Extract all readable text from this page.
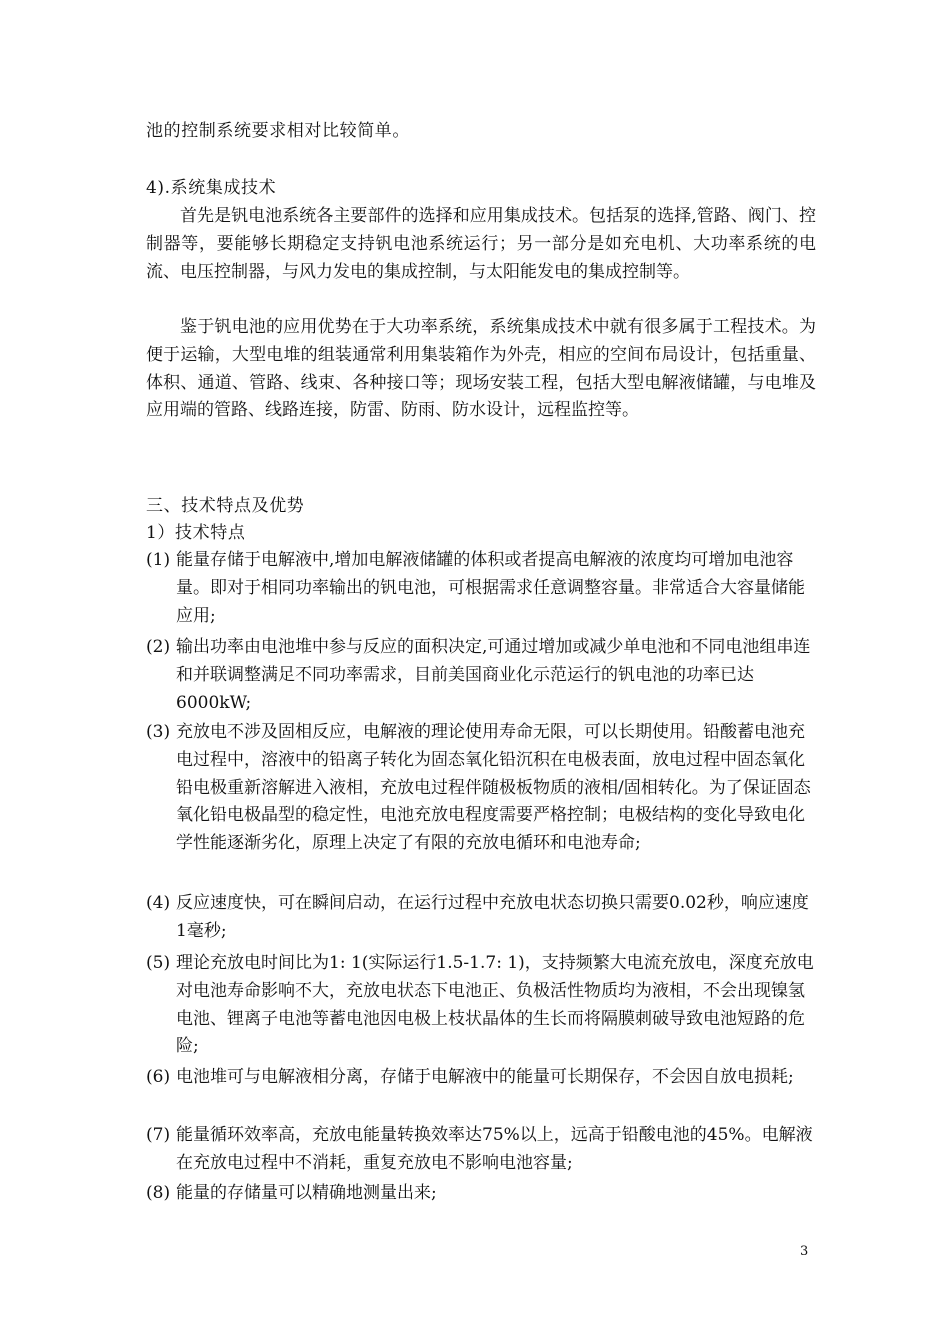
池的控制系统要求相对比较简单。
4).系统集成技术
首先是钒电池系统各主要部件的选择和应用集成技术。包括泵的选择,管路、阀门、控制器等，要能够长期稳定支持钒电池系统运行；另一部分是如充电机、大功率系统的电流、电压控制器，与风力发电的集成控制，与太阳能发电的集成控制等。
鉴于钒电池的应用优势在于大功率系统，系统集成技术中就有很多属于工程技术。为便于运输，大型电堆的组装通常利用集装箱作为外壳，相应的空间布局设计，包括重量、体积、通道、管路、线束、各种接口等；现场安装工程，包括大型电解液储罐，与电堆及应用端的管路、线路连接，防雷、防雨、防水设计，远程监控等。
三、技术特点及优势
1）技术特点
(1) 能量存储于电解液中,增加电解液储罐的体积或者提高电解液的浓度均可增加电池容量。即对于相同功率输出的钒电池，可根据需求任意调整容量。非常适合大容量储能应用;
(2) 输出功率由电池堆中参与反应的面积决定,可通过增加或减少单电池和不同电池组串连和并联调整满足不同功率需求，目前美国商业化示范运行的钒电池的功率已达6000kW;
(3) 充放电不涉及固相反应，电解液的理论使用寿命无限，可以长期使用。铅酸蓄电池充电过程中，溶液中的铅离子转化为固态氧化铅沉积在电极表面，放电过程中固态氧化铅电极重新溶解进入液相，充放电过程伴随极板物质的液相/固相转化。为了保证固态氧化铅电极晶型的稳定性，电池充放电程度需要严格控制；电极结构的变化导致电化学性能逐渐劣化，原理上决定了有限的充放电循环和电池寿命;
(4) 反应速度快，可在瞬间启动，在运行过程中充放电状态切换只需要0.02秒，响应速度1毫秒;
(5) 理论充放电时间比为1: 1(实际运行1.5-1.7: 1)，支持频繁大电流充放电，深度充放电对电池寿命影响不大，充放电状态下电池正、负极活性物质均为液相，不会出现镍氢电池、锂离子电池等蓄电池因电极上枝状晶体的生长而将隔膜刺破导致电池短路的危险;
(6) 电池堆可与电解液相分离，存储于电解液中的能量可长期保存，不会因自放电损耗;
(7) 能量循环效率高，充放电能量转换效率达75%以上，远高于铅酸电池的45%。电解液在充放电过程中不消耗，重复充放电不影响电池容量;
(8) 能量的存储量可以精确地测量出来;
3
